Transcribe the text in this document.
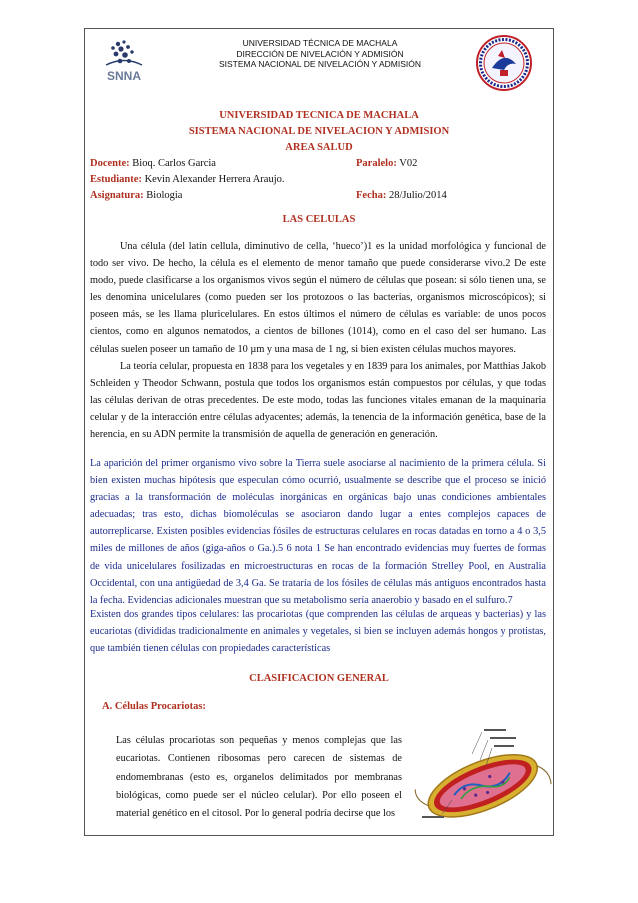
SNNA
UNIVERSIDAD TÉCNICA DE MACHALA
DIRECCIÓN DE NIVELACIÓN Y ADMISIÓN
SISTEMA NACIONAL DE NIVELACIÓN Y ADMISIÓN
UNIVERSIDAD TECNICA DE MACHALA
SISTEMA NACIONAL DE NIVELACION Y ADMISION
AREA SALUD
Docente: Bioq. Carlos Garcia	Paralelo: V02
Estudiante: Kevin Alexander Herrera Araujo.
Asignatura: Biologia	Fecha: 28/Julio/2014
LAS CELULAS

Una célula (del latín cellula, diminutivo de cella, ‘hueco’)1 es la unidad morfológica y funcional de todo ser vivo. De hecho, la célula es el elemento de menor tamaño que puede considerarse vivo.2 De este modo, puede clasificarse a los organismos vivos según el número de células que posean: si sólo tienen una, se les denomina unicelulares (como pueden ser los protozoos o las bacterias, organismos microscópicos); si poseen más, se les llama pluricelulares. En estos últimos el número de células es variable: de unos pocos cientos, como en algunos nematodos, a cientos de billones (1014), como en el caso del ser humano. Las células suelen poseer un tamaño de 10 µm y una masa de 1 ng, si bien existen células muchos mayores.

La teoría celular, propuesta en 1838 para los vegetales y en 1839 para los animales, por Matthias Jakob Schleiden y Theodor Schwann, postula que todos los organismos están compuestos por células, y que todas las células derivan de otras precedentes. De este modo, todas las funciones vitales emanan de la maquinaria celular y de la interacción entre células adyacentes; además, la tenencia de la información genética, base de la herencia, en su ADN permite la transmisión de aquella de generación en generación.

La aparición del primer organismo vivo sobre la Tierra suele asociarse al nacimiento de la primera célula. Si bien existen muchas hipótesis que especulan cómo ocurrió, usualmente se describe que el proceso se inició gracias a la transformación de moléculas inorgánicas en orgánicas bajo unas condiciones ambientales adecuadas; tras esto, dichas biomoléculas se asociaron dando lugar a entes complejos capaces de autorreplicarse. Existen posibles evidencias fósiles de estructuras celulares en rocas datadas en torno a 4 o 3,5 miles de millones de años (giga-años o Ga.).5 6 nota 1 Se han encontrado evidencias muy fuertes de formas de vida unicelulares fosilizadas en microestructuras en rocas de la formación Strelley Pool, en Australia Occidental, con una antigüedad de 3,4 Ga. Se trataría de los fósiles de células más antiguos encontrados hasta la fecha. Evidencias adicionales muestran que su metabolismo sería anaerobio y basado en el sulfuro.7

Existen dos grandes tipos celulares: las procariotas (que comprenden las células de arqueas y bacterias) y las eucariotas (divididas tradicionalmente en animales y vegetales, si bien se incluyen además hongos y protistas, que también tienen células con propiedades características

CLASIFICACION GENERAL
A. Células Procariotas:

Las células procariotas son pequeñas y menos complejas que las eucariotas. Contienen ribosomas pero carecen de sistemas de endomembranas (esto es, organelos delimitados por membranas biológicas, como puede ser el núcleo celular). Por ello poseen el material genético en el citosol. Por lo general podría decirse que los
